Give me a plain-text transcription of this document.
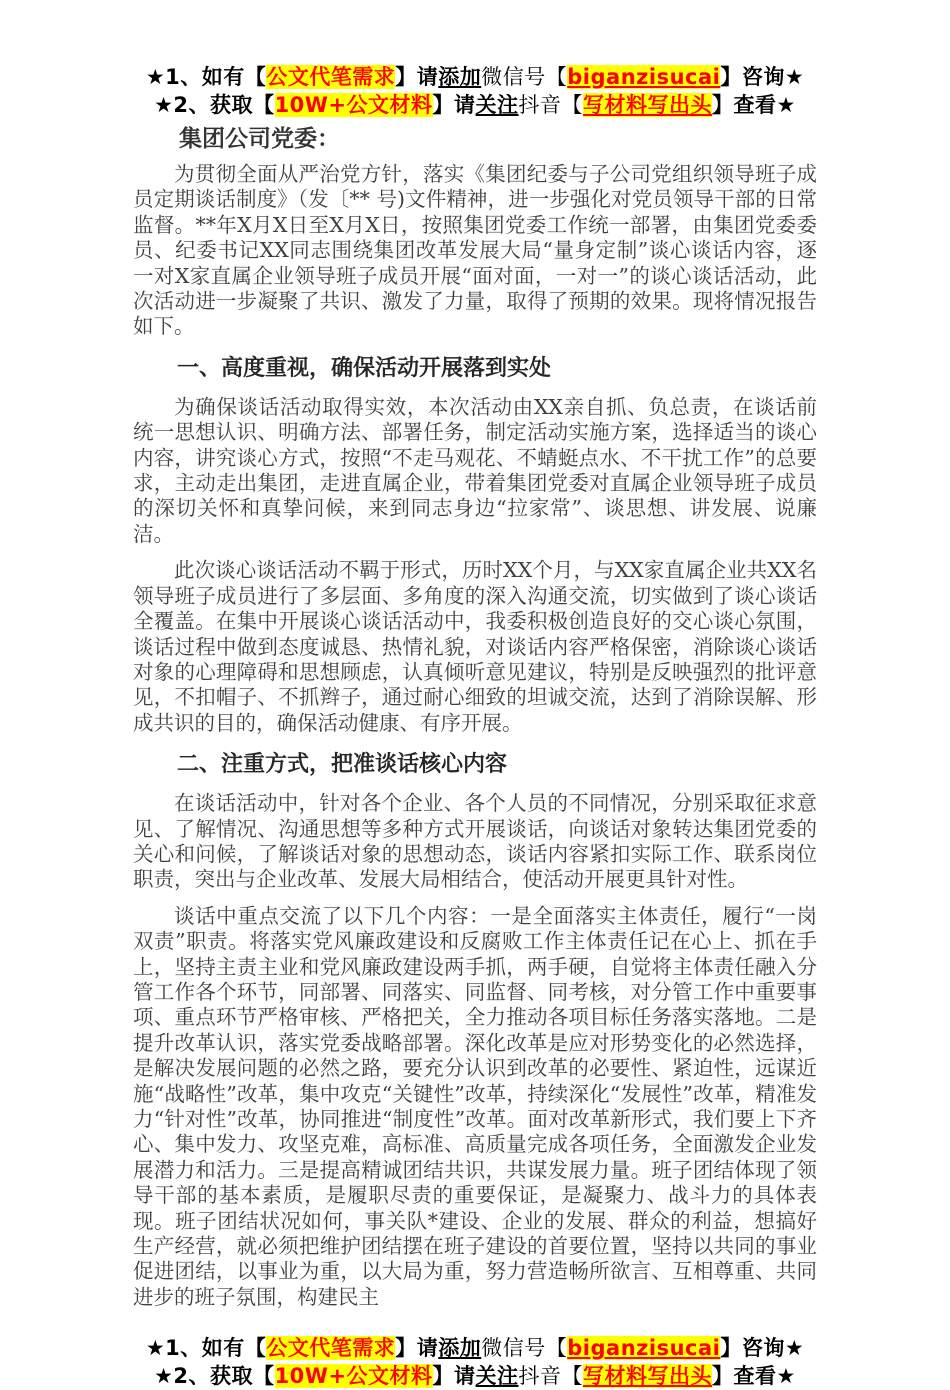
★1、如有【公文代笔需求】请添加微信号【biganzisucai】咨询★
★2、获取【10W+公文材料】请关注抖音【写材料写出头】查看★

集团公司党委：

为贯彻全面从严治党方针，落实《集团纪委与子公司党组织领导班子成员定期谈话制度》（发〔** 号)文件精神，进一步强化对党员领导干部的日常监督。**年X月X日至X月X日，按照集团党委工作统一部署，由集团党委委员、纪委书记XX同志围绕集团改革发展大局“量身定制”谈心谈话内容，逐一对X家直属企业领导班子成员开展“面对面，一对一”的谈心谈话活动，此次活动进一步凝聚了共识、激发了力量，取得了预期的效果。现将情况报告如下。

一、高度重视，确保活动开展落到实处

为确保谈话活动取得实效，本次活动由XX亲自抓、负总责，在谈话前统一思想认识、明确方法、部署任务，制定活动实施方案，选择适当的谈心内容，讲究谈心方式，按照“不走马观花、不蜻蜓点水、不干扰工作”的总要求，主动走出集团，走进直属企业，带着集团党委对直属企业领导班子成员的深切关怀和真挚问候，来到同志身边“拉家常”、谈思想、讲发展、说廉洁。

此次谈心谈话活动不羁于形式，历时XX个月，与XX家直属企业共XX名领导班子成员进行了多层面、多角度的深入沟通交流，切实做到了谈心谈话全覆盖。在集中开展谈心谈话活动中，我委积极创造良好的交心谈心氛围，谈话过程中做到态度诚恳、热情礼貌，对谈话内容严格保密，消除谈心谈话对象的心理障碍和思想顾虑，认真倾听意见建议，特别是反映强烈的批评意见，不扣帽子、不抓辫子，通过耐心细致的坦诚交流，达到了消除误解、形成共识的目的，确保活动健康、有序开展。

二、注重方式，把准谈话核心内容

在谈话活动中，针对各个企业、各个人员的不同情况，分别采取征求意见、了解情况、沟通思想等多种方式开展谈话，向谈话对象转达集团党委的关心和问候，了解谈话对象的思想动态，谈话内容紧扣实际工作、联系岗位职责，突出与企业改革、发展大局相结合，使活动开展更具针对性。

谈话中重点交流了以下几个内容：一是全面落实主体责任，履行“一岗双责”职责。将落实党风廉政建设和反腐败工作主体责任记在心上、抓在手上，坚持主责主业和党风廉政建设两手抓，两手硬，自觉将主体责任融入分管工作各个环节，同部署、同落实、同监督、同考核，对分管工作中重要事项、重点环节严格审核、严格把关，全力推动各项目标任务落实落地。二是提升改革认识，落实党委战略部署。深化改革是应对形势变化的必然选择，是解决发展问题的必然之路，要充分认识到改革的必要性、紧迫性，远谋近施“战略性”改革，集中攻克“关键性”改革，持续深化“发展性”改革，精准发力“针对性”改革，协同推进“制度性”改革。面对改革新形式，我们要上下齐心、集中发力、攻坚克难，高标准、高质量完成各项任务，全面激发企业发展潜力和活力。三是提高精诚团结共识，共谋发展力量。班子团结体现了领导干部的基本素质，是履职尽责的重要保证，是凝聚力、战斗力的具体表现。班子团结状况如何，事关队*建设、企业的发展、群众的利益，想搞好生产经营，就必须把维护团结摆在班子建设的首要位置，坚持以共同的事业促进团结，以事业为重，以大局为重，努力营造畅所欲言、互相尊重、共同进步的班子氛围，构建民主

★1、如有【公文代笔需求】请添加微信号【biganzisucai】咨询★
★2、获取【10W+公文材料】请关注抖音【写材料写出头】查看★
